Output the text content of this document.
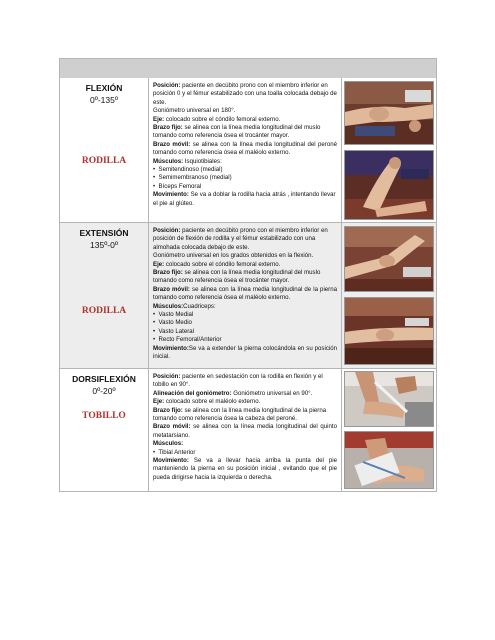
FLEXIÓN
0º-135º
RODILLA

Posición: paciente en decúbito prono con el miembro inferior en posición 0 y el fémur estabilizado con una toalla colocada debajo de este.

Goniómetro universal en 180°.

Eje: colocado sobre el cóndilo femoral externo.

Brazo fijo: se alinea con la línea media longitudinal del muslo tomando como referencia ósea el trocánter mayor.

Brazo móvil: se alinea con la línea media longitudinal del peroné tomando como referencia ósea el maléolo externo.

Músculos: Isquiotibiales:

•  Semitendinoso (medial)

•  Semimembranoso (medial)

•  Bíceps Femoral

Movimiento: Se va a doblar la rodilla hacia atrás , intentando llevar el pie al glúteo.

EXTENSIÓN
135º-0º
RODILLA

Posición: paciente en decúbito prono con el miembro inferior en posición de flexión de rodilla y el fémur estabilizado con una almohada colocada debajo de este.

Goniómetro universal en los grados obtenidos en la flexión.

Eje: colocado sobre el cóndilo femoral externo.

Brazo fijo: se alinea con la línea media longitudinal del muslo tomando como referencia ósea el trocánter mayor.

Brazo móvil: se alinea con la línea media longitudinal de la pierna tomando como referencia ósea el maléolo externo.

Músculos:Cuadriceps:

•  Vasto Medial

•  Vasto Medio

•  Vasto Lateral

•  Recto Femoral/Anterior

Movimiento:Se va a extender la pierna colocándola en su posición inicial.

DORSIFLEXIÓN
0º-20º
TOBILLO

Posición: paciente en sedestación con la rodilla en flexión y el tobillo en 90°.

Alineación del goniómetro: Goniómetro universal en 90°.

Eje: colocado sobre el maléolo externo.

Brazo fijo: se alinea con la línea media longitudinal de la pierna tomando como referencia ósea la cabeza del peroné.

Brazo móvil: se alinea con la línea media longitudinal del quinto metatarsiano.

Músculos:

•  Tibial Anterior

Movimiento: Se va a llevar hacia arriba la punta del pie manteniendo la pierna en su posición inicial , evitando que el pie pueda dirigirse hacia la izquierda o derecha.
